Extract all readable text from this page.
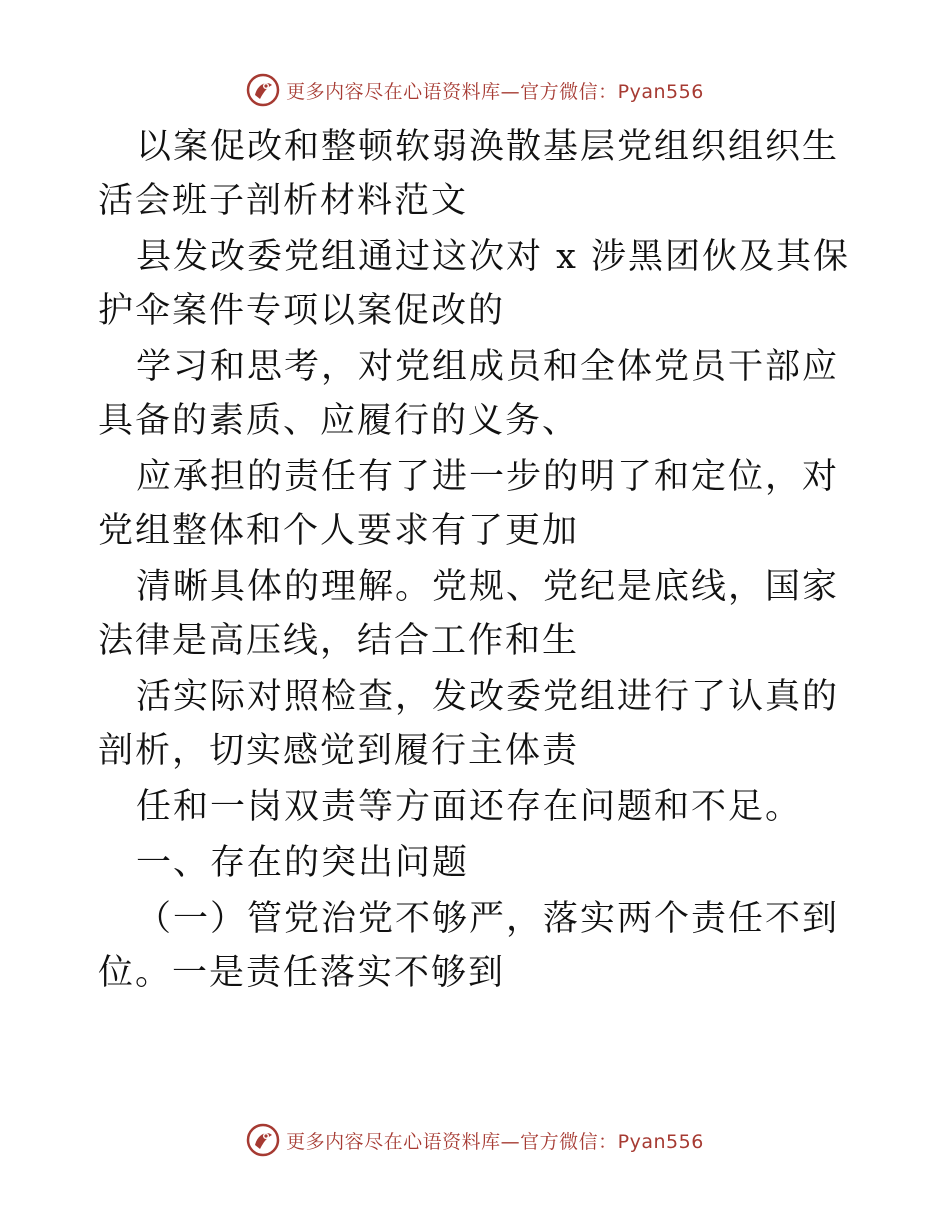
更多内容尽在心语资料库—官方微信：Pyan556

以案促改和整顿软弱涣散基层党组织组织生活会班子剖析材料范文

县发改委党组通过这次对 x 涉黑团伙及其保护伞案件专项以案促改的

学习和思考，对党组成员和全体党员干部应具备的素质、应履行的义务、

应承担的责任有了进一步的明了和定位，对党组整体和个人要求有了更加

清晰具体的理解。党规、党纪是底线，国家法律是高压线，结合工作和生

活实际对照检查，发改委党组进行了认真的剖析，切实感觉到履行主体责

任和一岗双责等方面还存在问题和不足。

一、存在的突出问题

（一）管党治党不够严，落实两个责任不到位。一是责任落实不够到

更多内容尽在心语资料库—官方微信：Pyan556
